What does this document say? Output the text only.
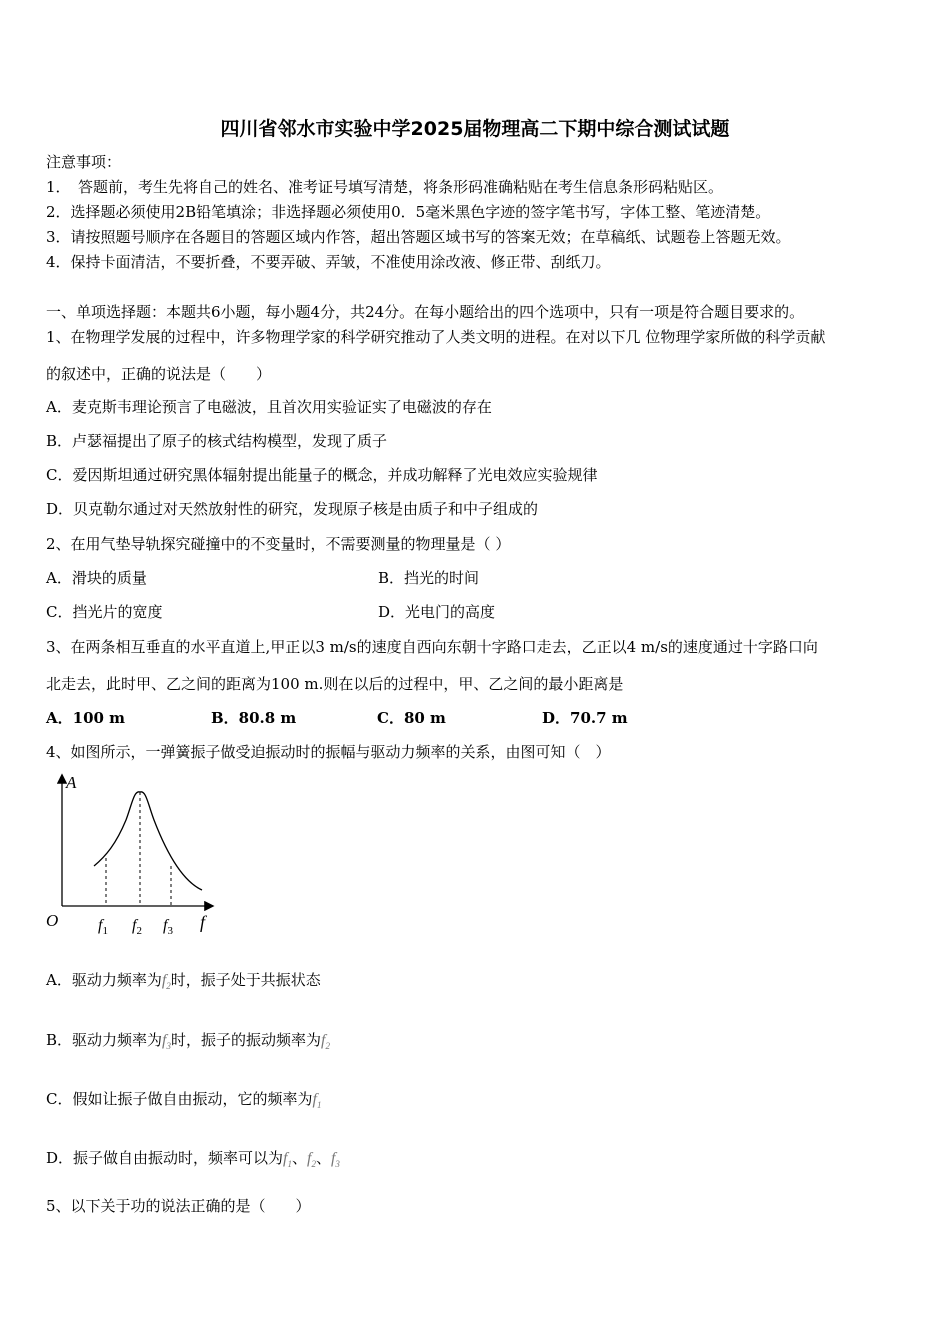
四川省邻水市实验中学2025届物理高二下期中综合测试试题
注意事项：
1．　答题前，考生先将自己的姓名、准考证号填写清楚，将条形码准确粘贴在考生信息条形码粘贴区。
2．选择题必须使用2B铅笔填涂；非选择题必须使用0．5毫米黑色字迹的签字笔书写，字体工整、笔迹清楚。
3．请按照题号顺序在各题目的答题区域内作答，超出答题区域书写的答案无效；在草稿纸、试题卷上答题无效。
4．保持卡面清洁，不要折叠，不要弄破、弄皱，不准使用涂改液、修正带、刮纸刀。
一、单项选择题：本题共6小题，每小题4分，共24分。在每小题给出的四个选项中，只有一项是符合题目要求的。
1、在物理学发展的过程中，许多物理学家的科学研究推动了人类文明的进程。在对以下几 位物理学家所做的科学贡献
的叙述中，正确的说法是（　　）
A．麦克斯韦理论预言了电磁波，且首次用实验证实了电磁波的存在
B．卢瑟福提出了原子的核式结构模型，发现了质子
C．爱因斯坦通过研究黑体辐射提出能量子的概念，并成功解释了光电效应实验规律
D．贝克勒尔通过对天然放射性的研究，发现原子核是由质子和中子组成的
2、在用气垫导轨探究碰撞中的不变量时，不需要测量的物理量是（ ）
A．滑块的质量	B．挡光的时间
C．挡光片的宽度	D．光电门的高度
3、在两条相互垂直的水平直道上,甲正以3 m/s的速度自西向东朝十字路口走去，乙正以4 m/s的速度通过十字路口向
北走去，此时甲、乙之间的距离为100 m.则在以后的过程中，甲、乙之间的最小距离是
A．100 m	B．80.8 m	C．80 m	D．70.7 m
4、如图所示，一弹簧振子做受迫振动时的振幅与驱动力频率的关系，由图可知（　）
A
O	f
$f_1$ $f_2$ $f_3$
A．驱动力频率为$f_2$时，振子处于共振状态
B．驱动力频率为$f_3$时，振子的振动频率为$f_2$
C．假如让振子做自由振动，它的频率为$f_1$
D．振子做自由振动时，频率可以为$f_1$、$f_2$、$f_3$
5、以下关于功的说法正确的是（　　）
